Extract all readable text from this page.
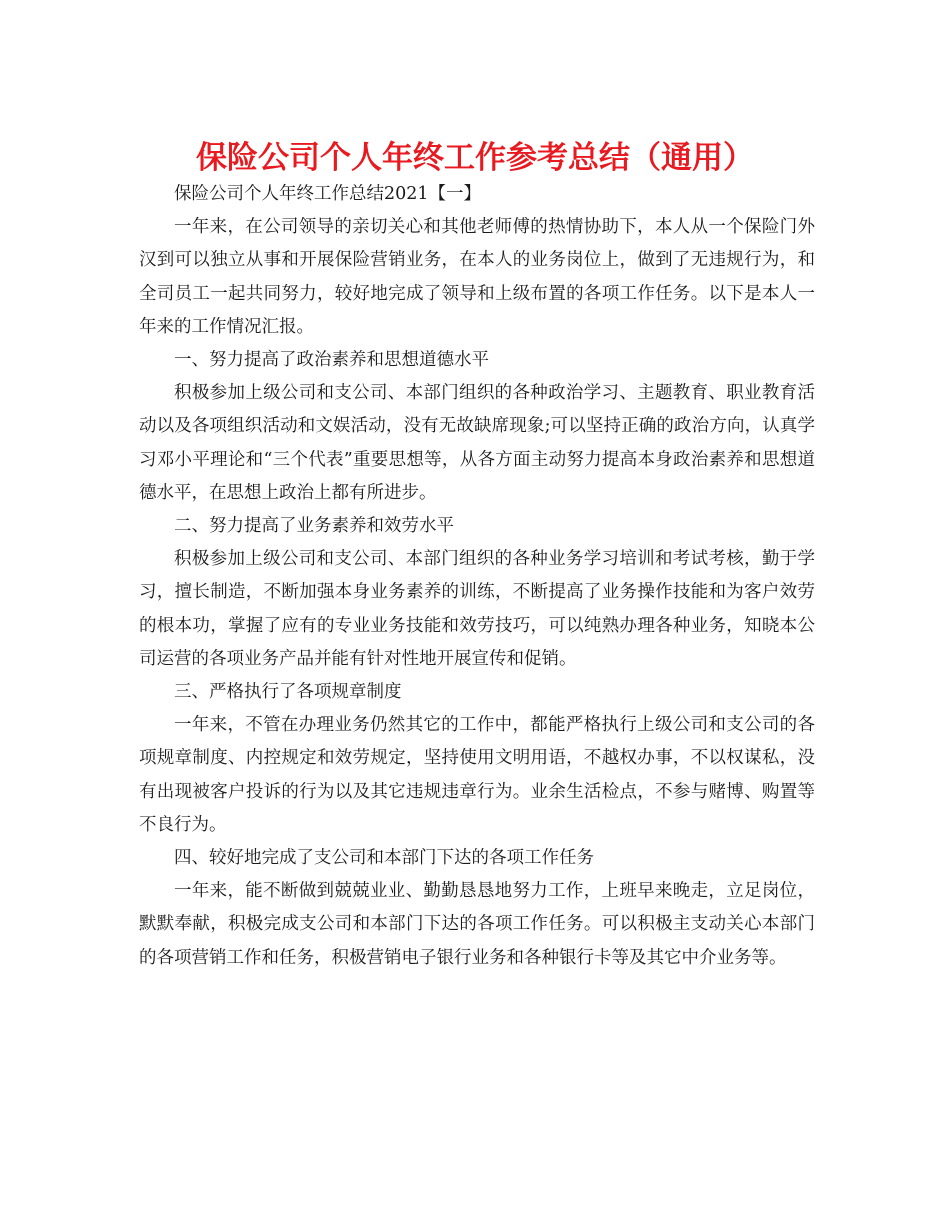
保险公司个人年终工作参考总结（通用）

保险公司个人年终工作总结2021【一】

一年来，在公司领导的亲切关心和其他老师傅的热情协助下，本人从一个保险门外汉到可以独立从事和开展保险营销业务，在本人的业务岗位上，做到了无违规行为，和全司员工一起共同努力，较好地完成了领导和上级布置的各项工作任务。以下是本人一年来的工作情况汇报。

一、努力提高了政治素养和思想道德水平

积极参加上级公司和支公司、本部门组织的各种政治学习、主题教育、职业教育活动以及各项组织活动和文娱活动，没有无故缺席现象;可以坚持正确的政治方向，认真学习邓小平理论和“三个代表”重要思想等，从各方面主动努力提高本身政治素养和思想道德水平，在思想上政治上都有所进步。

二、努力提高了业务素养和效劳水平

积极参加上级公司和支公司、本部门组织的各种业务学习培训和考试考核，勤于学习，擅长制造，不断加强本身业务素养的训练，不断提高了业务操作技能和为客户效劳的根本功，掌握了应有的专业业务技能和效劳技巧，可以纯熟办理各种业务，知晓本公司运营的各项业务产品并能有针对性地开展宣传和促销。

三、严格执行了各项规章制度

一年来，不管在办理业务仍然其它的工作中，都能严格执行上级公司和支公司的各项规章制度、内控规定和效劳规定，坚持使用文明用语，不越权办事，不以权谋私，没有出现被客户投诉的行为以及其它违规违章行为。业余生活检点，不参与赌博、购置等不良行为。

四、较好地完成了支公司和本部门下达的各项工作任务

一年来，能不断做到兢兢业业、勤勤恳恳地努力工作，上班早来晚走，立足岗位，默默奉献，积极完成支公司和本部门下达的各项工作任务。可以积极主支动关心本部门的各项营销工作和任务，积极营销电子银行业务和各种银行卡等及其它中介业务等。
